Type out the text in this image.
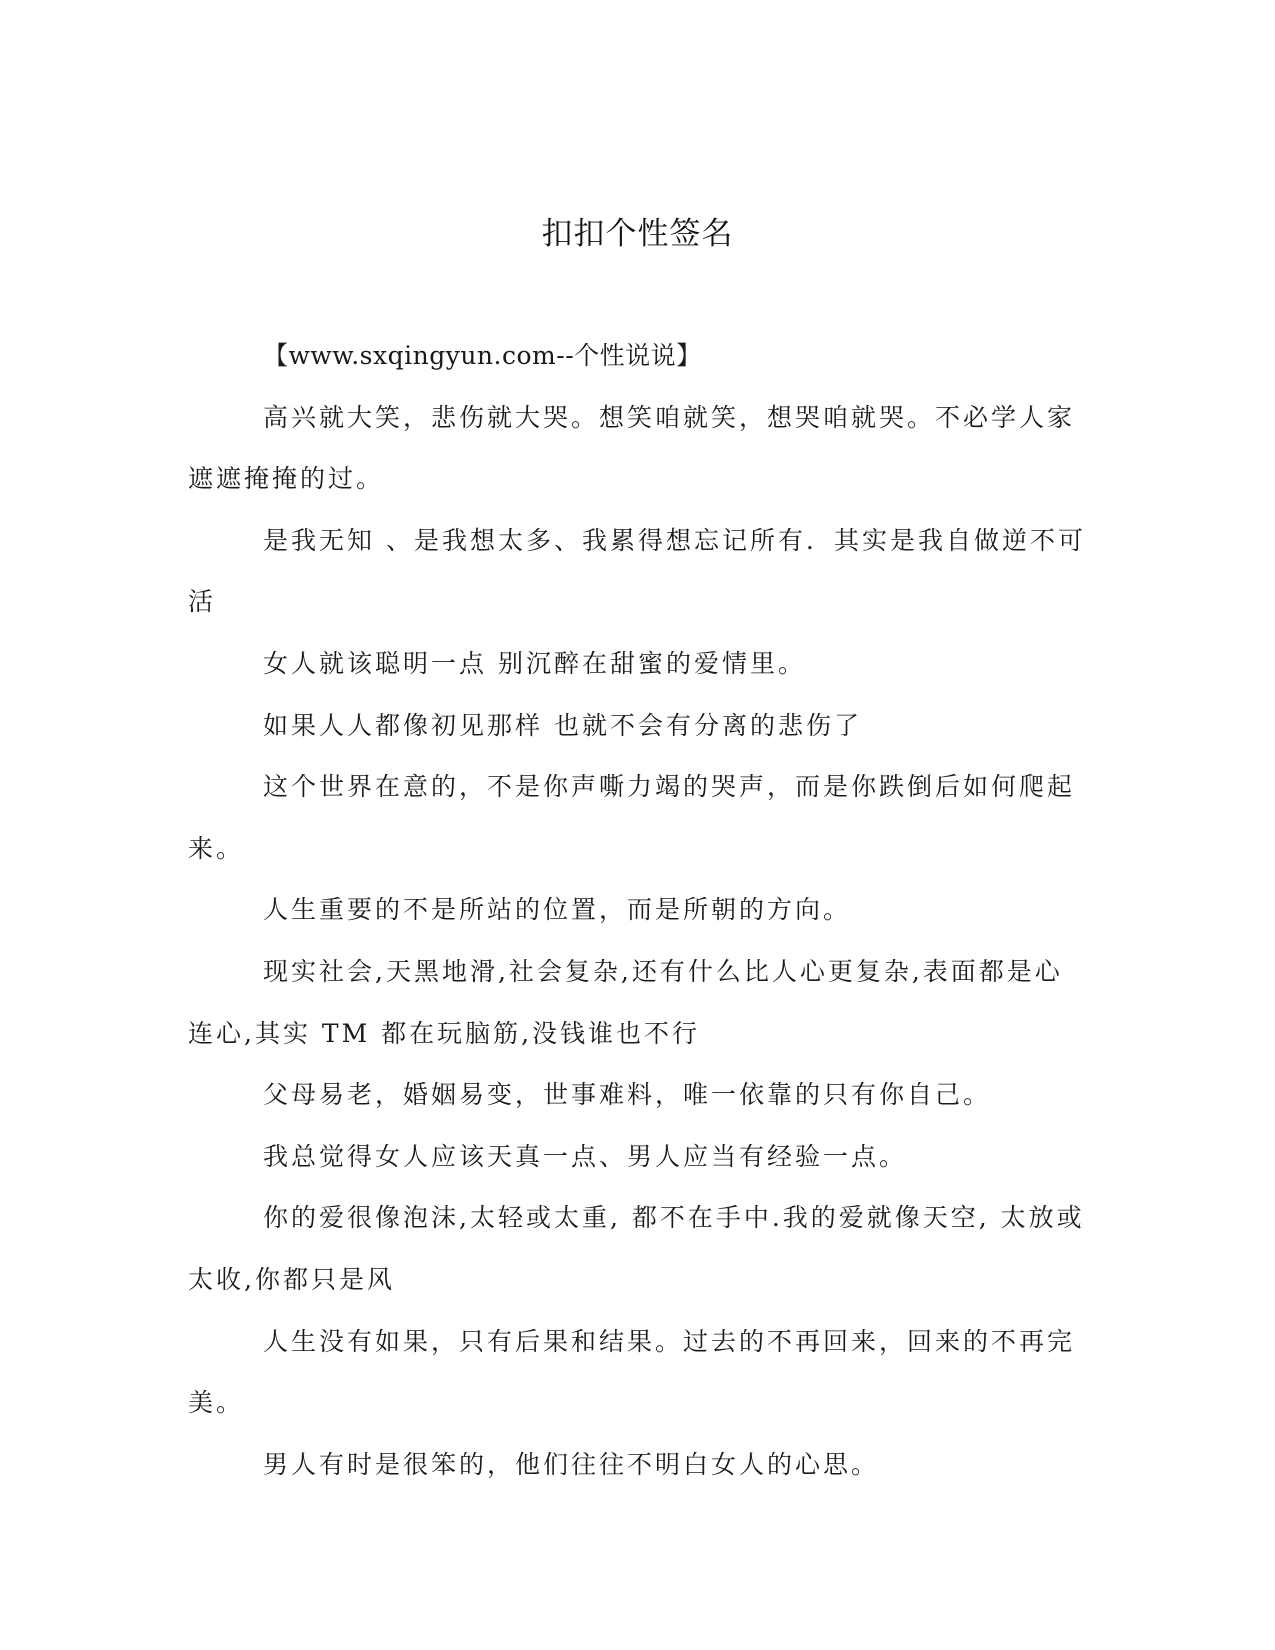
扣扣个性签名

【www.sxqingyun.com--个性说说】

高兴就大笑，悲伤就大哭。想笑咱就笑，想哭咱就哭。不必学人家遮遮掩掩的过。

是我无知 、是我想太多、我累得想忘记所有．其实是我自做逆不可活

女人就该聪明一点 别沉醉在甜蜜的爱情里。

如果人人都像初见那样 也就不会有分离的悲伤了

这个世界在意的，不是你声嘶力竭的哭声，而是你跌倒后如何爬起来。

人生重要的不是所站的位置，而是所朝的方向。

现实社会,天黑地滑,社会复杂,还有什么比人心更复杂,表面都是心连心,其实 TM 都在玩脑筋,没钱谁也不行

父母易老，婚姻易变，世事难料，唯一依靠的只有你自己。

我总觉得女人应该天真一点、男人应当有经验一点。

你的爱很像泡沫,太轻或太重, 都不在手中.我的爱就像天空, 太放或太收,你都只是风

人生没有如果，只有后果和结果。过去的不再回来，回来的不再完美。

男人有时是很笨的，他们往往不明白女人的心思。
